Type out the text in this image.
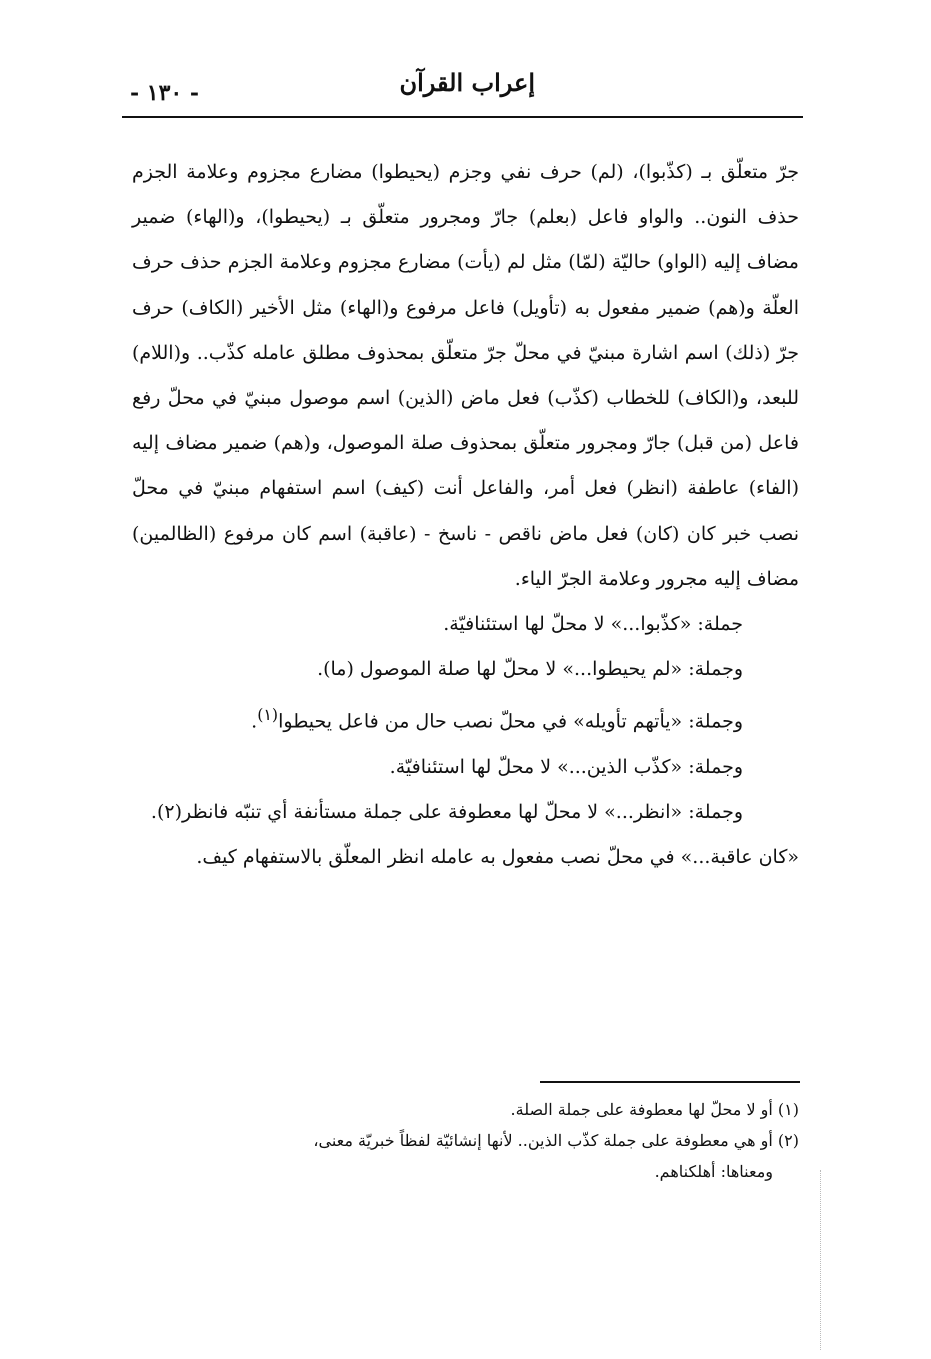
إعراب القرآن
- ١٣٠ -

جرّ متعلّق بـ (كذّبوا)، (لم) حرف نفي وجزم (يحيطوا) مضارع مجزوم وعلامة الجزم حذف النون.. والواو فاعل (بعلم) جارّ ومجرور متعلّق بـ (يحيطوا)، و(الهاء) ضمير مضاف إليه (الواو) حاليّة (لمّا) مثل لم (يأت) مضارع مجزوم وعلامة الجزم حذف حرف العلّة و(هم) ضمير مفعول به (تأويل) فاعل مرفوع و(الهاء) مثل الأخير (الكاف) حرف جرّ (ذلك) اسم اشارة مبنيّ في محلّ جرّ متعلّق بمحذوف مطلق عامله كذّب.. و(اللام) للبعد، و(الكاف) للخطاب (كذّب) فعل ماض (الذين) اسم موصول مبنيّ في محلّ رفع فاعل (من قبل) جارّ ومجرور متعلّق بمحذوف صلة الموصول، و(هم) ضمير مضاف إليه (الفاء) عاطفة (انظر) فعل أمر، والفاعل أنت (كيف) اسم استفهام مبنيّ في محلّ نصب خبر كان (كان) فعل ماض ناقص - ناسخ - (عاقبة) اسم كان مرفوع (الظالمين) مضاف إليه مجرور وعلامة الجرّ الياء.

جملة: «كذّبوا...» لا محلّ لها استئنافيّة.

وجملة: «لم يحيطوا...» لا محلّ لها صلة الموصول (ما).

وجملة: «يأتهم تأويله» في محلّ نصب حال من فاعل يحيطوا$^{(١)}$.

وجملة: «كذّب الذين...» لا محلّ لها استئنافيّة.

وجملة: «انظر...» لا محلّ لها معطوفة على جملة مستأنفة أي تنبّه فانظر(٢).

«كان عاقبة...» في محلّ نصب مفعول به عامله انظر المعلّق بالاستفهام كيف.

(١) أو لا محلّ لها معطوفة على جملة الصلة.

(٢) أو هي معطوفة على جملة كذّب الذين.. لأنها إنشائيّة لفظاً خبريّة معنى،

ومعناها: أهلكناهم.
